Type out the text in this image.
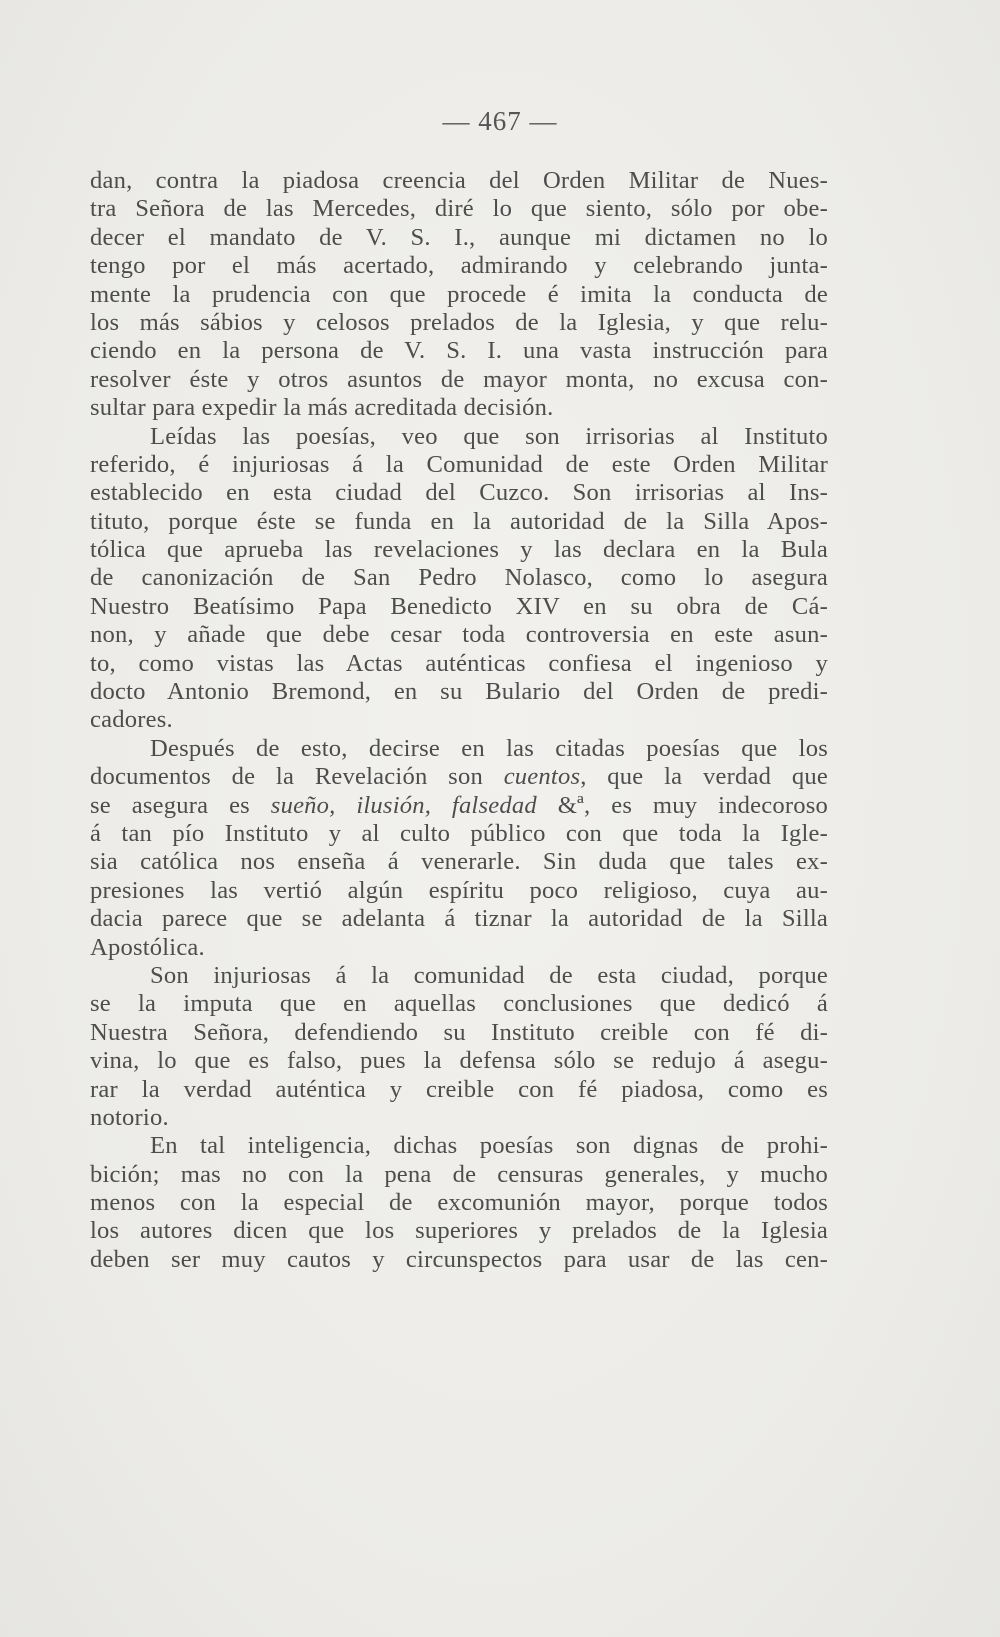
— 467 —
dan, contra la piadosa creencia del Orden Militar de Nues-
tra Señora de las Mercedes, diré lo que siento, sólo por obe-
decer el mandato de V. S. I., aunque mi dictamen no lo
tengo por el más acertado, admirando y celebrando junta-
mente la prudencia con que procede é imita la conducta de
los más sábios y celosos prelados de la Iglesia, y que relu-
ciendo en la persona de V. S. I. una vasta instrucción para
resolver éste y otros asuntos de mayor monta, no excusa con-
sultar para expedir la más acreditada decisión.
Leídas las poesías, veo que son irrisorias al Instituto
referido, é injuriosas á la Comunidad de este Orden Militar
establecido en esta ciudad del Cuzco. Son irrisorias al Ins-
tituto, porque éste se funda en la autoridad de la Silla Apos-
tólica que aprueba las revelaciones y las declara en la Bula
de canonización de San Pedro Nolasco, como lo asegura
Nuestro Beatísimo Papa Benedicto XIV en su obra de Cá-
non, y añade que debe cesar toda controversia en este asun-
to, como vistas las Actas auténticas confiesa el ingenioso y
docto Antonio Bremond, en su Bulario del Orden de predi-
cadores.
Después de esto, decirse en las citadas poesías que los
documentos de la Revelación son cuentos, que la verdad que
se asegura es sueño, ilusión, falsedad &ª, es muy indecoroso
á tan pío Instituto y al culto público con que toda la Igle-
sia católica nos enseña á venerarle. Sin duda que tales ex-
presiones las vertió algún espíritu poco religioso, cuya au-
dacia parece que se adelanta á tiznar la autoridad de la Silla
Apostólica.
Son injuriosas á la comunidad de esta ciudad, porque
se la imputa que en aquellas conclusiones que dedicó á
Nuestra Señora, defendiendo su Instituto creible con fé di-
vina, lo que es falso, pues la defensa sólo se redujo á asegu-
rar la verdad auténtica y creible con fé piadosa, como es
notorio.
En tal inteligencia, dichas poesías son dignas de prohi-
bición; mas no con la pena de censuras generales, y mucho
menos con la especial de excomunión mayor, porque todos
los autores dicen que los superiores y prelados de la Iglesia
deben ser muy cautos y circunspectos para usar de las cen-
